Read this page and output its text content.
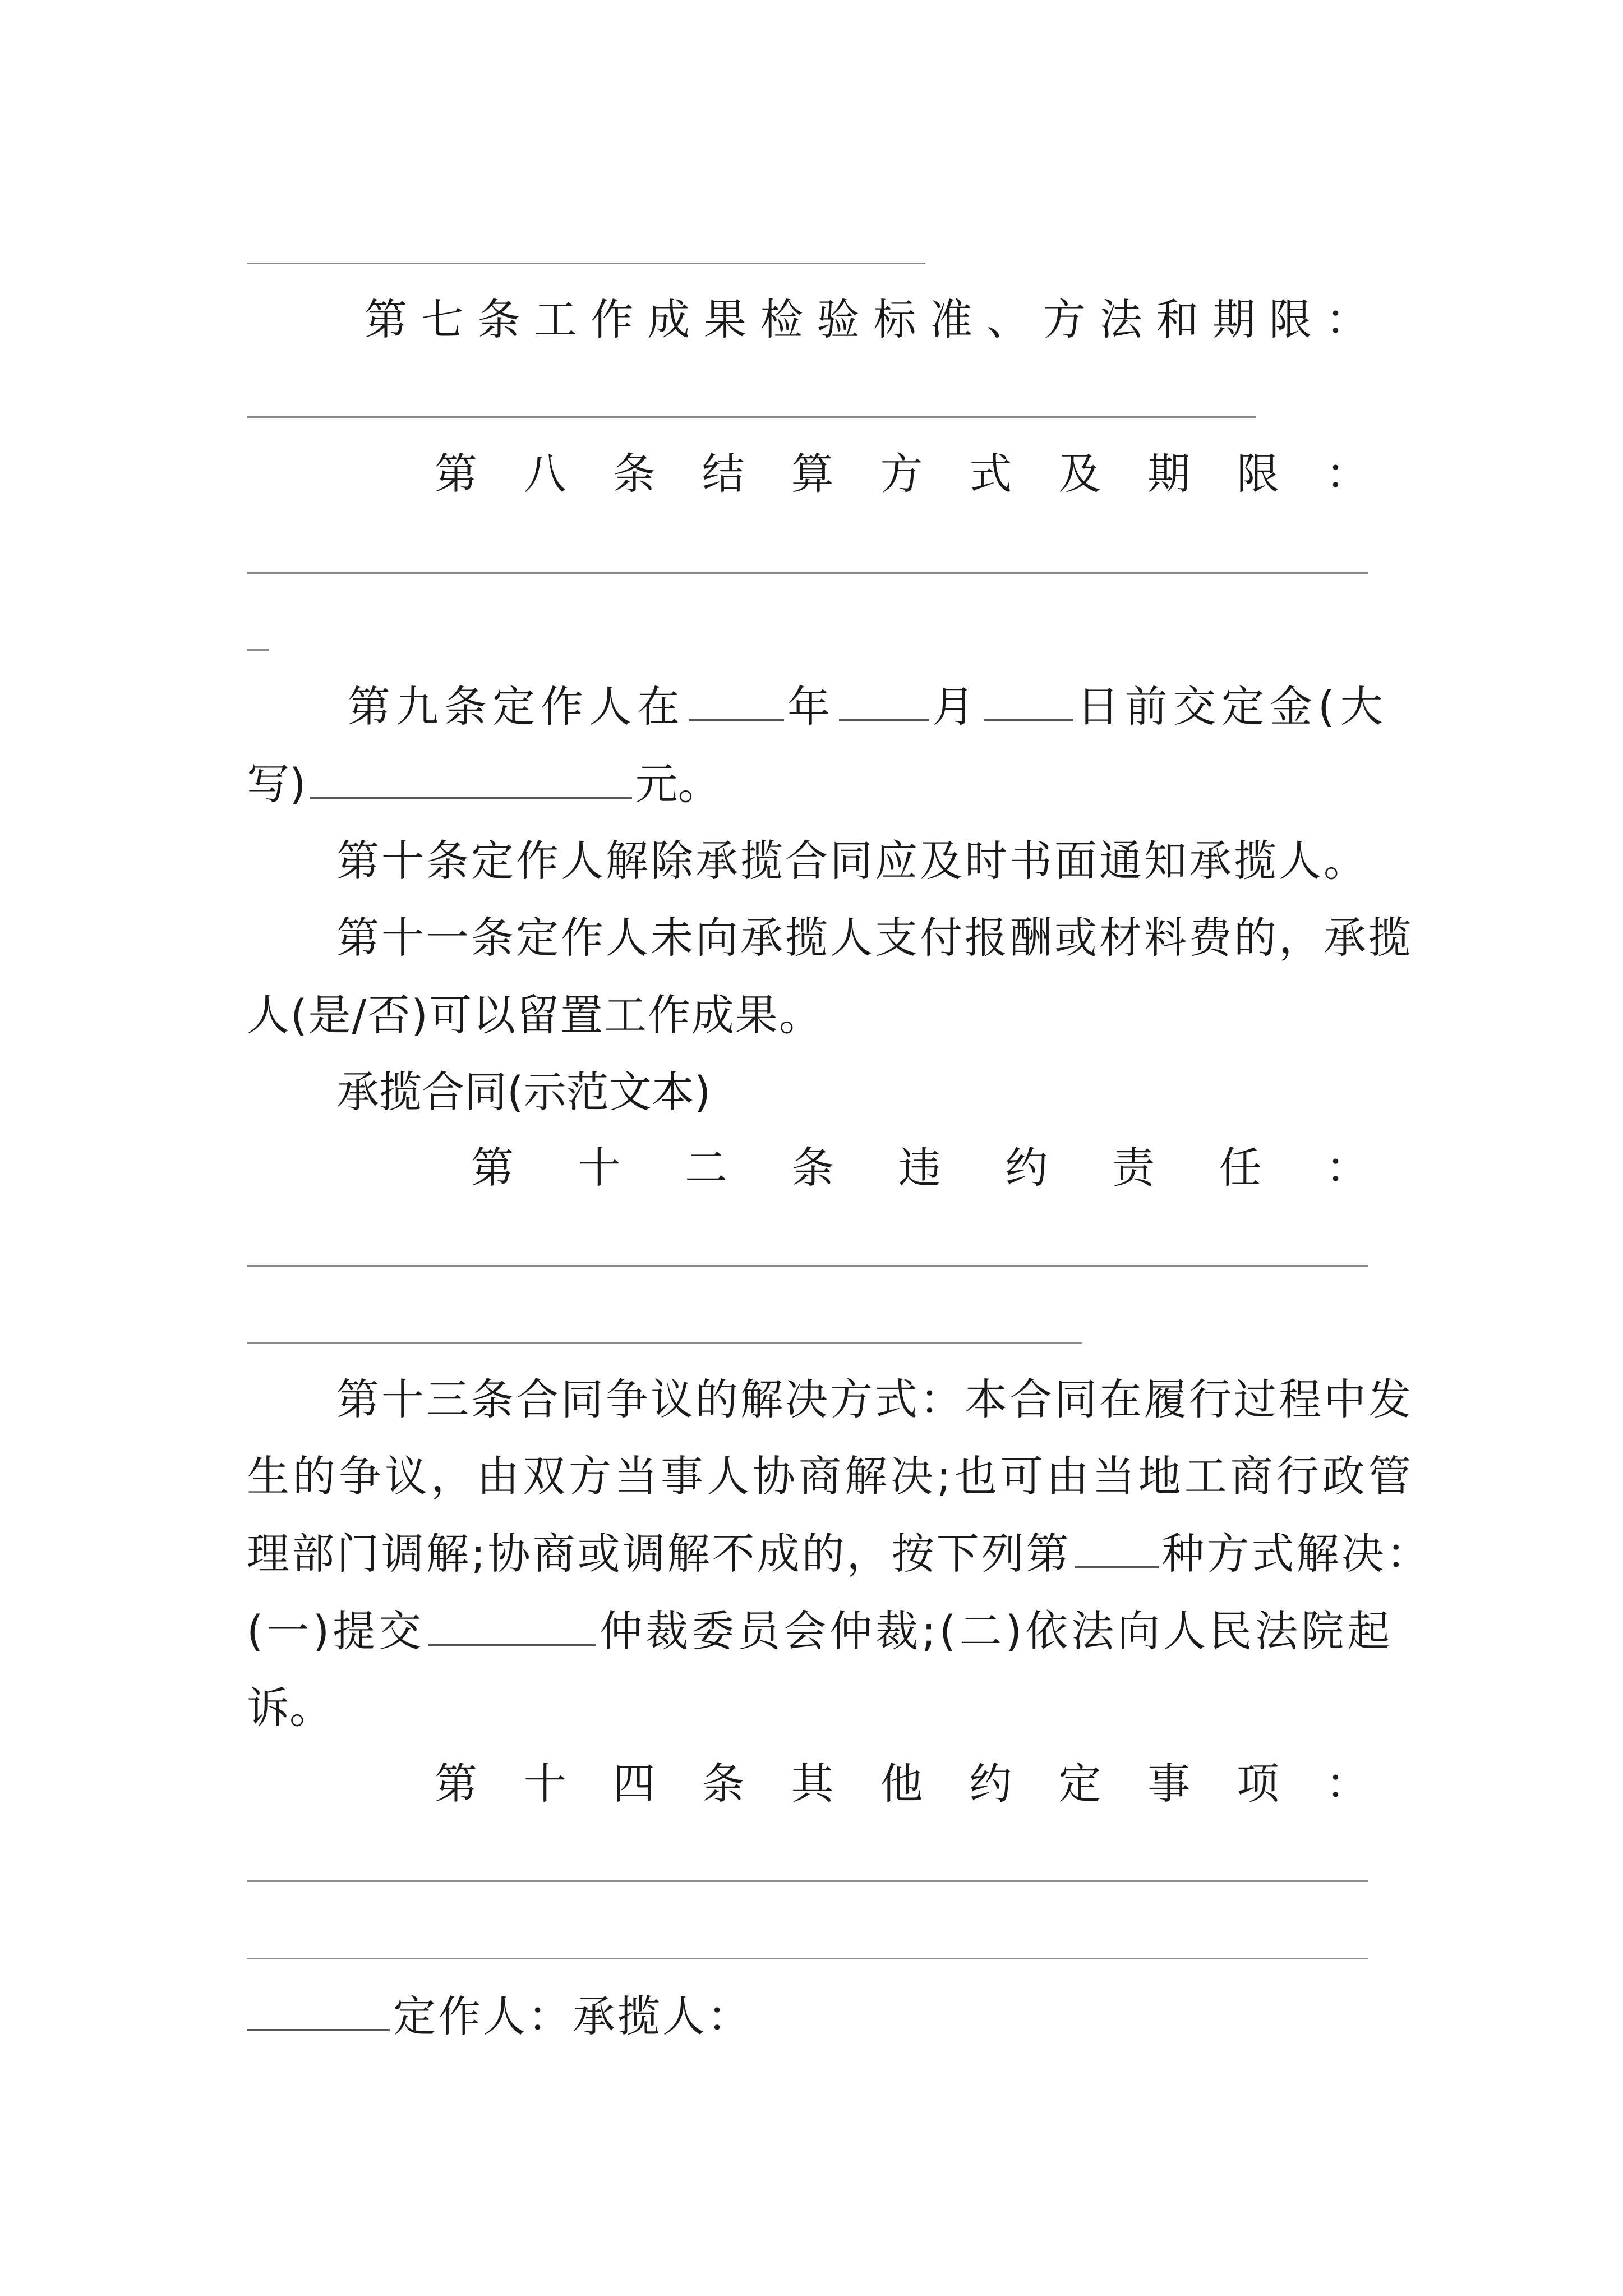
第 七 条 工 作 成 果 检 验 标 准 、 方 法 和 期 限 ：
第 八 条 结 算 方 式 及 期 限 ：
第九条定作人在 年 月 日前交定金(大
写)	元。
第十条定作人解除承揽合同应及时书面通知承揽人。
第十一条定作人未向承揽人支付报酬或材料费的，承揽
人(是/否)可以留置工作成果。
承揽合同(示范文本)
第 十 二 条 违 约 责 任 ：
第十三条合同争议的解决方式：本合同在履行过程中发
生的争议，由双方当事人协商解决;也可由当地工商行政管
理部门调解;协商或调解不成的，按下列第 种方式解决：
(一)提交	仲裁委员会仲裁;(二)依法向人民法院起
诉。
第 十 四 条 其 他 约 定 事 项 ：
定作人：承揽人：
